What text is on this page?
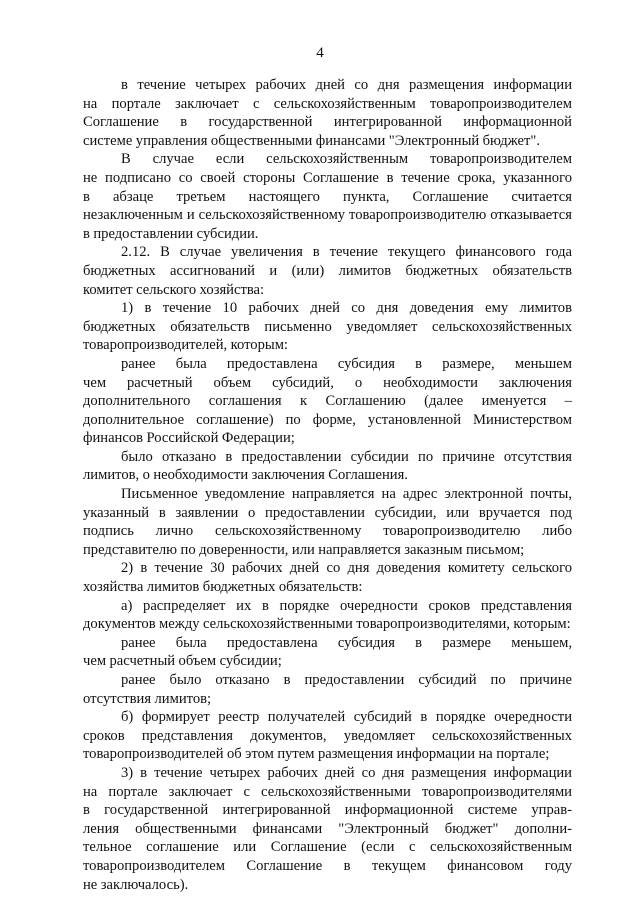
4
в течение четырех рабочих дней со дня размещения информации
на портале заключает с сельскохозяйственным товаропроизводителем
Соглашение в государственной интегрированной информационной
системе управления общественными финансами "Электронный бюджет".
В случае если сельскохозяйственным товаропроизводителем
не подписано со своей стороны Соглашение в течение срока, указанного
в абзаце третьем настоящего пункта, Соглашение считается
незаключенным и сельскохозяйственному товаропроизводителю отказывается
в предоставлении субсидии.
2.12. В случае увеличения в течение текущего финансового года
бюджетных ассигнований и (или) лимитов бюджетных обязательств
комитет сельского хозяйства:
1) в течение 10 рабочих дней со дня доведения ему лимитов
бюджетных обязательств письменно уведомляет сельскохозяйственных
товаропроизводителей, которым:
ранее была предоставлена субсидия в размере, меньшем
чем расчетный объем субсидий, о необходимости заключения
дополнительного соглашения к Соглашению (далее именуется –
дополнительное соглашение) по форме, установленной Министерством
финансов Российской Федерации;
было отказано в предоставлении субсидии по причине отсутствия
лимитов, о необходимости заключения Соглашения.
Письменное уведомление направляется на адрес электронной почты,
указанный в заявлении о предоставлении субсидии, или вручается под
подпись лично сельскохозяйственному товаропроизводителю либо
представителю по доверенности, или направляется заказным письмом;
2) в течение 30 рабочих дней со дня доведения комитету сельского
хозяйства лимитов бюджетных обязательств:
а) распределяет их в порядке очередности сроков представления
документов между сельскохозяйственными товаропроизводителями, которым:
ранее была предоставлена субсидия в размере меньшем,
чем расчетный объем субсидии;
ранее было отказано в предоставлении субсидий по причине
отсутствия лимитов;
б) формирует реестр получателей субсидий в порядке очередности
сроков представления документов, уведомляет сельскохозяйственных
товаропроизводителей об этом путем размещения информации на портале;
3) в течение четырех рабочих дней со дня размещения информации
на портале заключает с сельскохозяйственными товаропроизводителями
в государственной интегрированной информационной системе управ-
ления общественными финансами "Электронный бюджет" дополни-
тельное соглашение или Соглашение (если с сельскохозяйственным
товаропроизводителем Соглашение в текущем финансовом году
не заключалось).
